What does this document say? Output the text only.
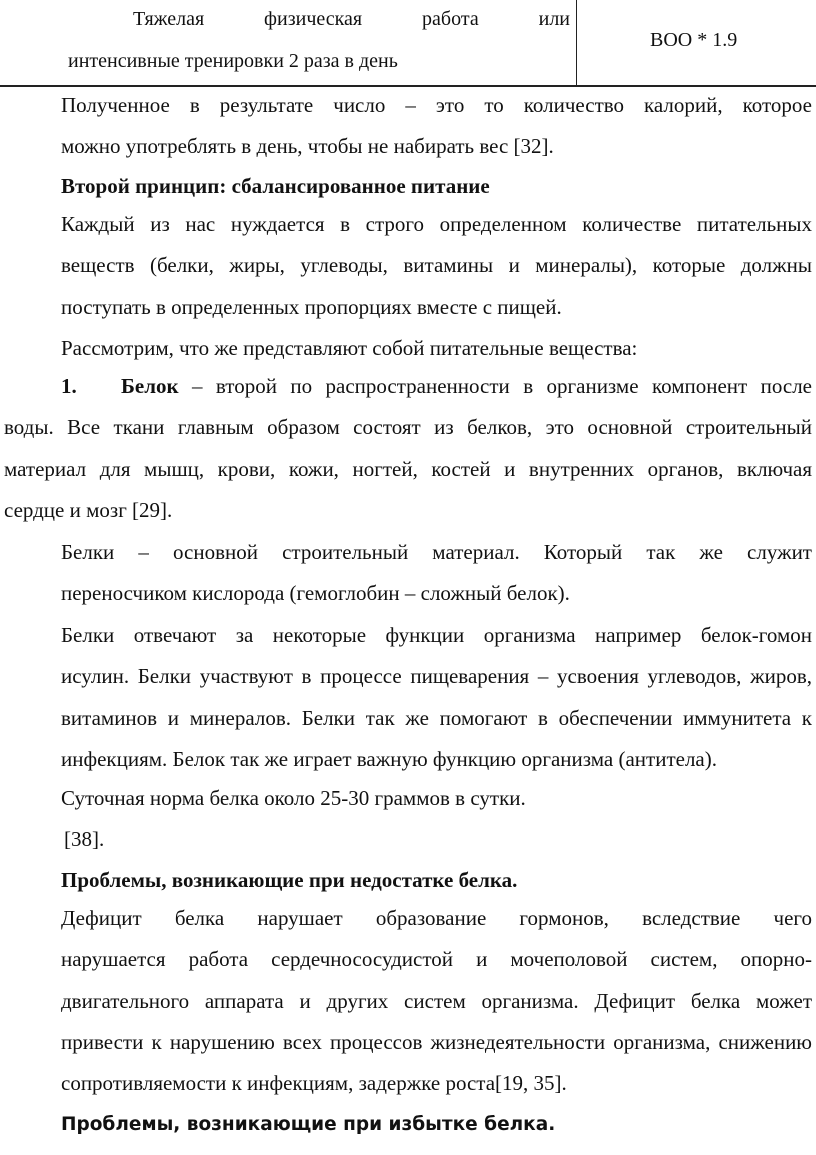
Тяжелая физическая работа или
интенсивные тренировки 2 раза в день
ВОО * 1.9
Полученное в результате число – это то количество калорий, которое
можно употреблять в день, чтобы не набирать вес [32].
Второй принцип: сбалансированное питание
Каждый из нас нуждается в строго определенном количестве питательных
веществ (белки, жиры, углеводы, витамины и минералы), которые должны
поступать в определенных пропорциях вместе с пищей.
Рассмотрим, что же представляют собой питательные вещества:
1. Белок – второй по распространенности в организме компонент после
воды. Все ткани главным образом состоят из белков, это основной строительный
материал для мышц, крови, кожи, ногтей, костей и внутренних органов, включая
сердце и мозг [29].
Белки – основной строительный материал. Который так же служит
переносчиком кислорода (гемоглобин – сложный белок).
Белки отвечают за некоторые функции организма например белок-гомон
исулин. Белки участвуют в процессе пищеварения – усвоения углеводов, жиров,
витаминов и минералов. Белки так же помогают в обеспечении иммунитета к
инфекциям. Белок так же играет важную функцию организма (антитела).
Суточная норма белка около 25-30 граммов в сутки.
[38].
Проблемы, возникающие при недостатке белка.
Дефицит белка нарушает образование гормонов, вследствие чего
нарушается работа сердечнососудистой и мочеполовой систем, опорно-
двигательного аппарата и других систем организма. Дефицит белка может
привести к нарушению всех процессов жизнедеятельности организма, снижению
сопротивляемости к инфекциям, задержке роста[19, 35].
Проблемы, возникающие при избытке белка.
